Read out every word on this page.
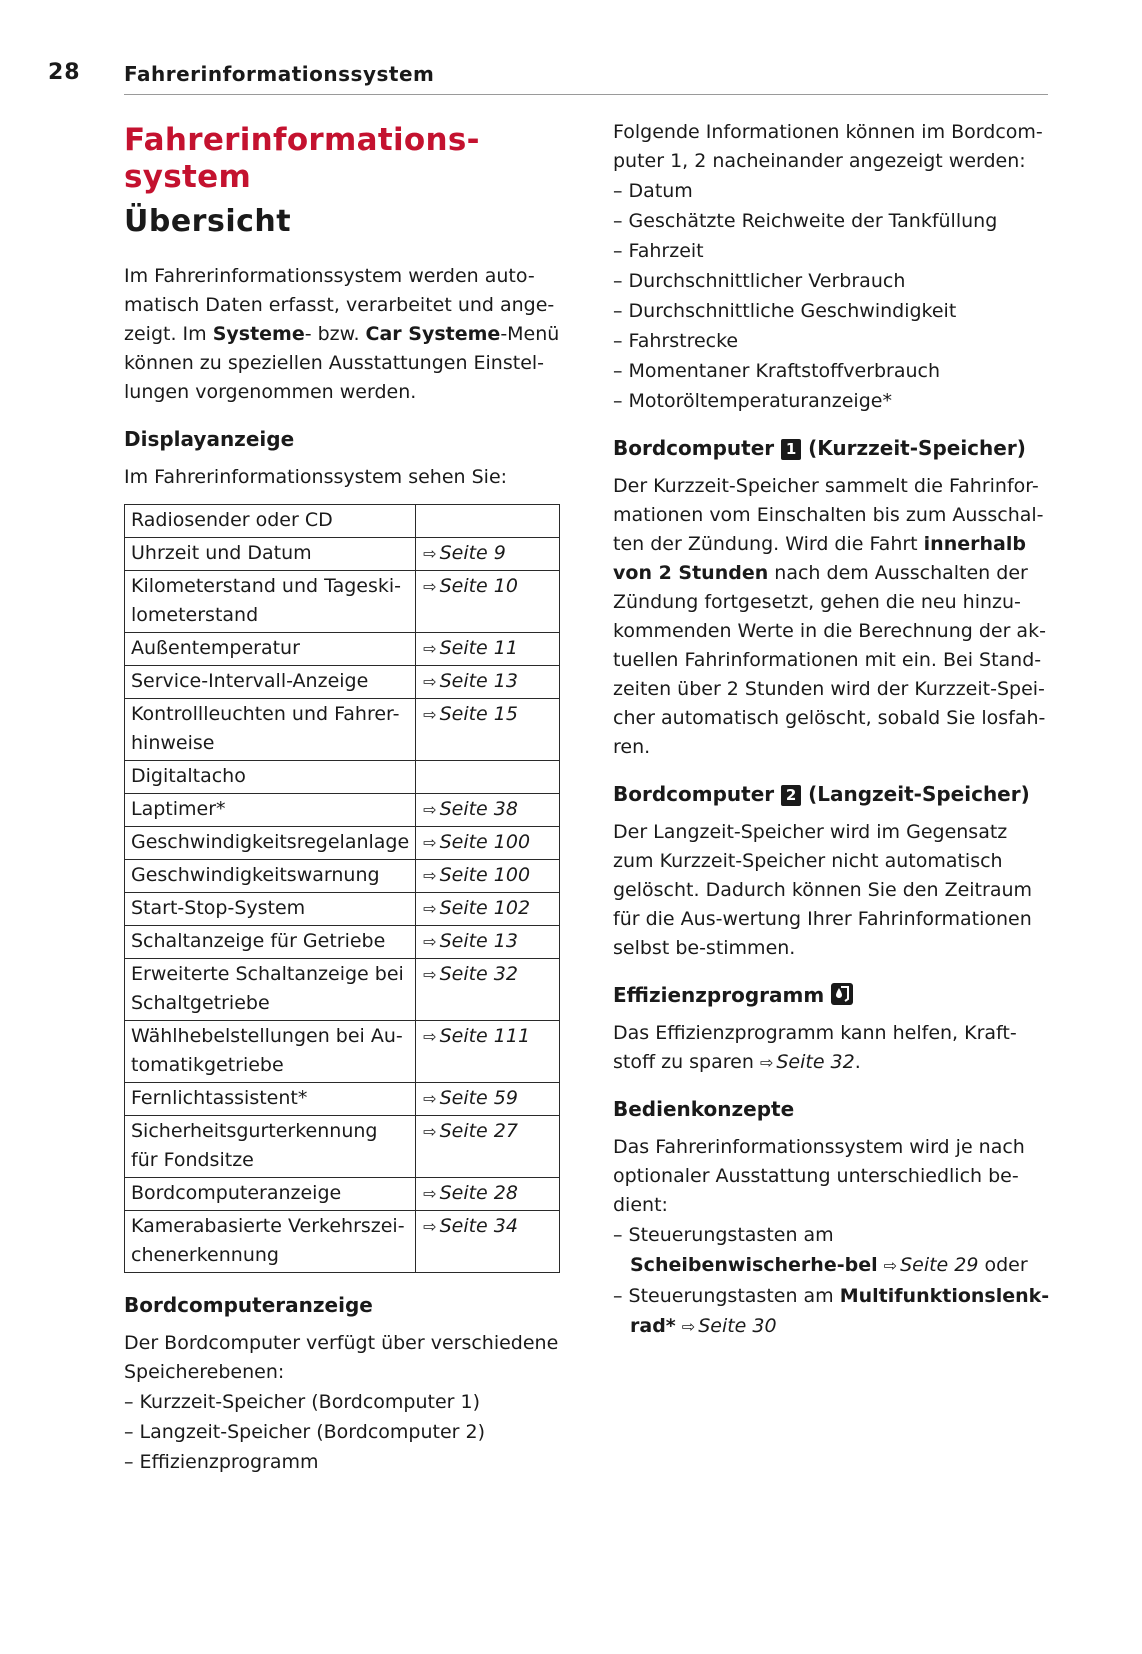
28 Fahrerinformationssystem
Fahrerinformations-
system
Übersicht

Im Fahrerinformationssystem werden auto-matisch Daten erfasst, verarbeitet und ange-zeigt. Im Systeme- bzw. Car Systeme-Menü können zu speziellen Ausstattungen Einstel-lungen vorgenommen werden.

Displayanzeige

Im Fahrerinformationssystem sehen Sie:

Radiosender oder CD	
Uhrzeit und Datum	⇨ Seite 9
Kilometerstand und Tageski-lometerstand	⇨ Seite 10
Außentemperatur	⇨ Seite 11
Service-Intervall-Anzeige	⇨ Seite 13
Kontrollleuchten und Fahrer-hinweise	⇨ Seite 15
Digitaltacho	
Laptimer*	⇨ Seite 38
Geschwindigkeitsregelanlage	⇨ Seite 100
Geschwindigkeitswarnung	⇨ Seite 100
Start-Stop-System	⇨ Seite 102
Schaltanzeige für Getriebe	⇨ Seite 13
Erweiterte Schaltanzeige bei Schaltgetriebe	⇨ Seite 32
Wählhebelstellungen bei Au-tomatikgetriebe	⇨ Seite 111
Fernlichtassistent*	⇨ Seite 59
Sicherheitsgurterkennung für Fondsitze	⇨ Seite 27
Bordcomputeranzeige	⇨ Seite 28
Kamerabasierte Verkehrszei-chenerkennung	⇨ Seite 34
Bordcomputeranzeige

Der Bordcomputer verfügt über verschiedene Speicherebenen:

– Kurzzeit-Speicher (Bordcomputer 1)
– Langzeit-Speicher (Bordcomputer 2)
– Effizienzprogramm

Folgende Informationen können im Bordcom-puter 1, 2 nacheinander angezeigt werden:

– Datum
– Geschätzte Reichweite der Tankfüllung
– Fahrzeit
– Durchschnittlicher Verbrauch
– Durchschnittliche Geschwindigkeit
– Fahrstrecke
– Momentaner Kraftstoffverbrauch
– Motoröltemperaturanzeige*
Bordcomputer 1 (Kurzzeit-Speicher)

Der Kurzzeit-Speicher sammelt die Fahrinfor-mationen vom Einschalten bis zum Ausschal-ten der Zündung. Wird die Fahrt innerhalb von 2 Stunden nach dem Ausschalten der Zündung fortgesetzt, gehen die neu hinzu-kommenden Werte in die Berechnung der ak-tuellen Fahrinformationen mit ein. Bei Stand-zeiten über 2 Stunden wird der Kurzzeit-Spei-cher automatisch gelöscht, sobald Sie losfah-ren.

Bordcomputer 2 (Langzeit-Speicher)

Der Langzeit-Speicher wird im Gegensatz zum Kurzzeit-Speicher nicht automatisch gelöscht. Dadurch können Sie den Zeitraum für die Aus-wertung Ihrer Fahrinformationen selbst be-stimmen.

Effizienzprogramm

Das Effizienzprogramm kann helfen, Kraft-stoff zu sparen ⇨ Seite 32.

Bedienkonzepte

Das Fahrerinformationssystem wird je nach optionaler Ausstattung unterschiedlich be-dient:

– Steuerungstasten am Scheibenwischerhe-bel ⇨ Seite 29 oder
– Steuerungstasten am Multifunktionslenk-rad* ⇨ Seite 30
